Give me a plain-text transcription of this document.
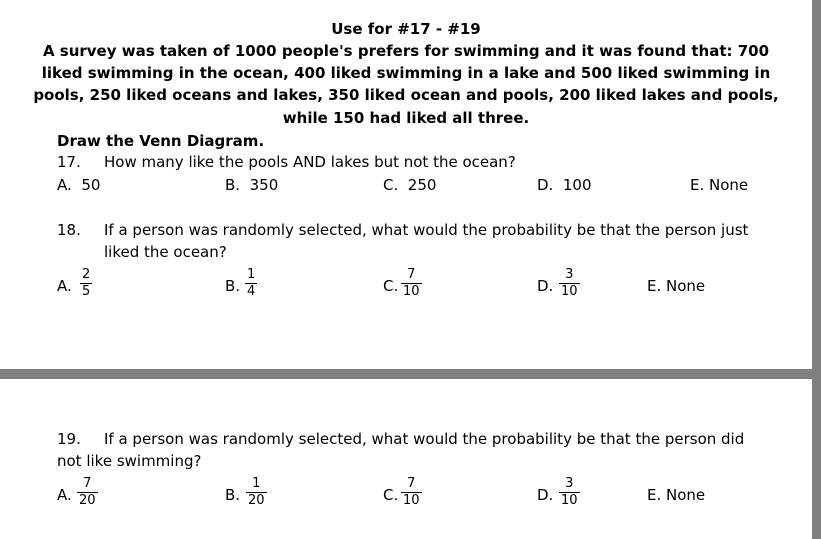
Use for #17 - #19
A survey was taken of 1000 people's prefers for swimming and it was found that: 700
liked swimming in the ocean, 400 liked swimming in a lake and 500 liked swimming in
pools, 250 liked oceans and lakes, 350 liked ocean and pools, 200 liked lakes and pools,
while 150 had liked all three.
Draw the Venn Diagram.
17. How many like the pools AND lakes but not the ocean?
A. 50	B. 350	C. 250	D. 100	E. None
18. If a person was randomly selected, what would the probability be that the person just
liked the ocean?
A.
2
5	B.
1
4	C.
7
10	D.
3
10	E. None
19. If a person was randomly selected, what would the probability be that the person did
not like swimming?
A.
7
20	B.
1
20	C.
7
10	D.
3
10	E. None
